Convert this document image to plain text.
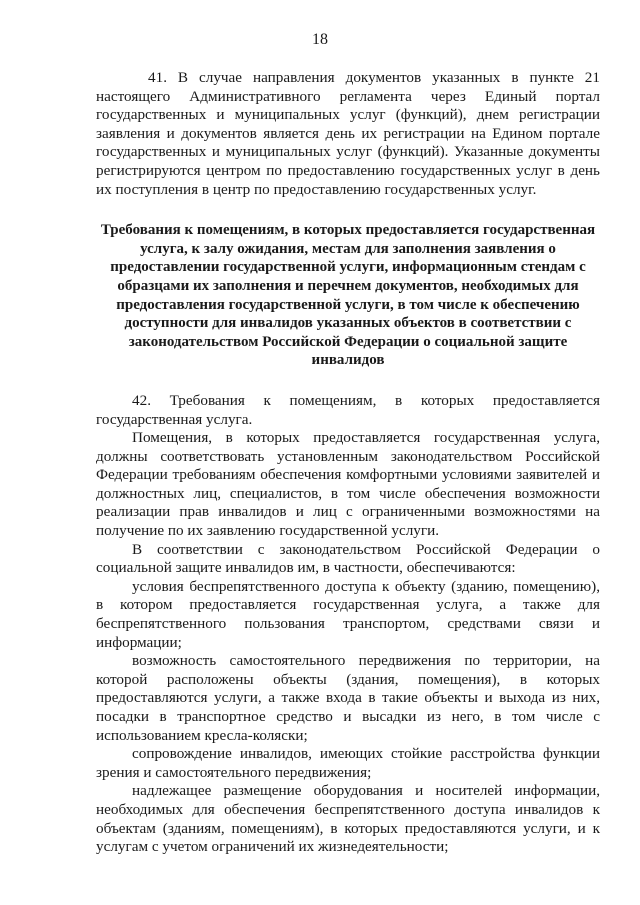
18

41. В случае направления документов указанных в пункте 21 настоящего Административного регламента через Единый портал государственных и муниципальных услуг (функций), днем регистрации заявления и документов является день их регистрации на Едином портале государственных и муниципальных услуг (функций). Указанные документы регистрируются центром по предоставлению государственных услуг в день их поступления в центр по предоставлению государственных услуг.

Требования к помещениям, в которых предоставляется государственная услуга, к залу ожидания, местам для заполнения заявления о предоставлении государственной услуги, информационным стендам с образцами их заполнения и перечнем документов, необходимых для предоставления государственной услуги, в том числе к обеспечению доступности для инвалидов указанных объектов в соответствии с законодательством Российской Федерации о социальной защите инвалидов

42. Требования к помещениям, в которых предоставляется государственная услуга.

Помещения, в которых предоставляется государственная услуга, должны соответствовать установленным законодательством Российской Федерации требованиям обеспечения комфортными условиями заявителей и должностных лиц, специалистов, в том числе обеспечения возможности реализации прав инвалидов и лиц с ограниченными возможностями на получение по их заявлению государственной услуги.

В соответствии с законодательством Российской Федерации о социальной защите инвалидов им, в частности, обеспечиваются:

условия беспрепятственного доступа к объекту (зданию, помещению), в котором предоставляется государственная услуга, а также для беспрепятственного пользования транспортом, средствами связи и информации;

возможность самостоятельного передвижения по территории, на которой расположены объекты (здания, помещения), в которых предоставляются услуги, а также входа в такие объекты и выхода из них, посадки в транспортное средство и высадки из него, в том числе с использованием кресла-коляски;

сопровождение инвалидов, имеющих стойкие расстройства функции зрения и самостоятельного передвижения;

надлежащее размещение оборудования и носителей информации, необходимых для обеспечения беспрепятственного доступа инвалидов к объектам (зданиям, помещениям), в которых предоставляются услуги, и к услугам с учетом ограничений их жизнедеятельности;
